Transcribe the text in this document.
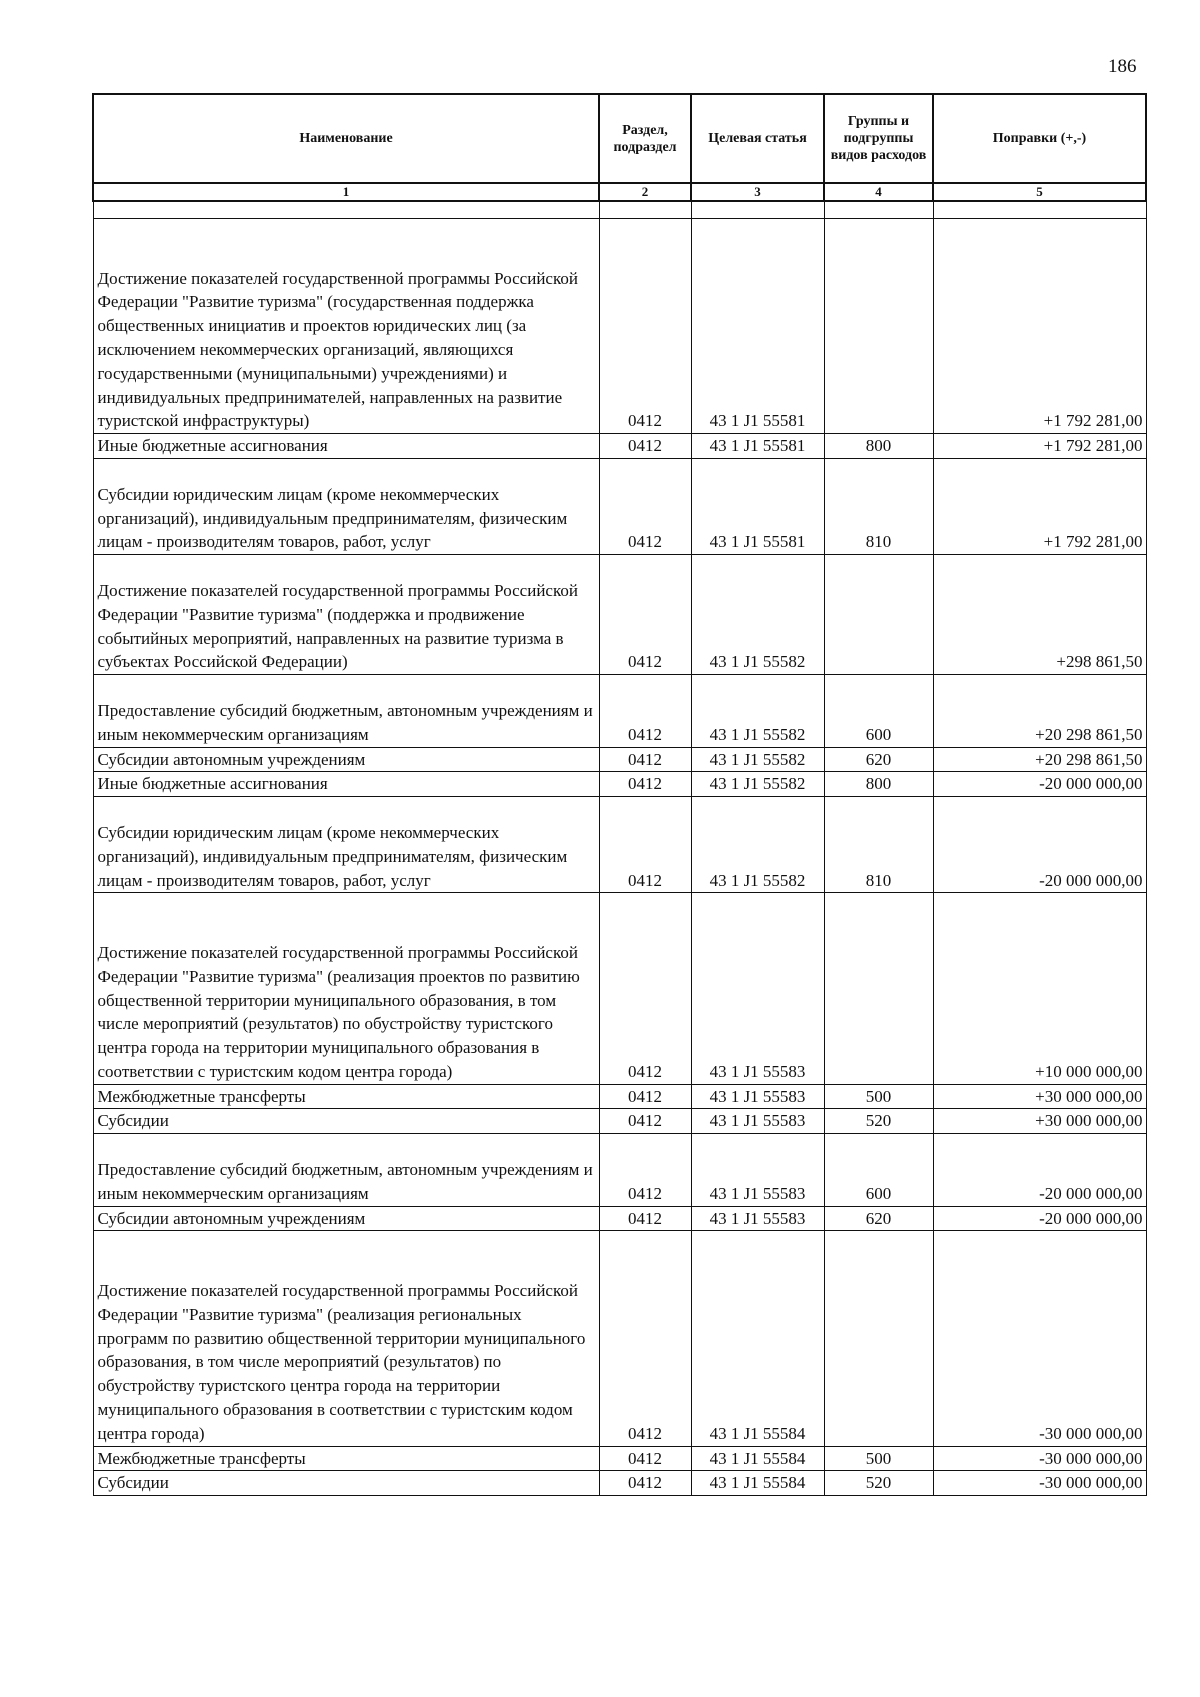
186
Наименование	Раздел, подраздел	Целевая статья	Группы и подгруппы видов расходов	Поправки (+,-)
1	2	3	4	5

Достижение показателей государственной программы Российской Федерации "Развитие туризма" (государственная поддержка общественных инициатив и проектов юридических лиц (за исключением некоммерческих организаций, являющихся государственными (муниципальными) учреждениями) и индивидуальных предпринимателей, направленных на развитие туристской инфраструктуры)	0412	43 1 J1 55581		+1 792 281,00
Иные бюджетные ассигнования	0412	43 1 J1 55581	800	+1 792 281,00
Субсидии юридическим лицам (кроме некоммерческих организаций), индивидуальным предпринимателям, физическим лицам - производителям товаров, работ, услуг	0412	43 1 J1 55581	810	+1 792 281,00
Достижение показателей государственной программы Российской Федерации "Развитие туризма" (поддержка и продвижение событийных мероприятий, направленных на развитие туризма в субъектах Российской Федерации)	0412	43 1 J1 55582		+298 861,50
Предоставление субсидий бюджетным, автономным учреждениям и иным некоммерческим организациям	0412	43 1 J1 55582	600	+20 298 861,50
Субсидии автономным учреждениям	0412	43 1 J1 55582	620	+20 298 861,50
Иные бюджетные ассигнования	0412	43 1 J1 55582	800	-20 000 000,00
Субсидии юридическим лицам (кроме некоммерческих организаций), индивидуальным предпринимателям, физическим лицам - производителям товаров, работ, услуг	0412	43 1 J1 55582	810	-20 000 000,00
Достижение показателей государственной программы Российской Федерации "Развитие туризма" (реализация проектов по развитию общественной территории муниципального образования, в том числе мероприятий (результатов) по обустройству туристского центра города на территории муниципального образования в соответствии с туристским кодом центра города)	0412	43 1 J1 55583		+10 000 000,00
Межбюджетные трансферты	0412	43 1 J1 55583	500	+30 000 000,00
Субсидии	0412	43 1 J1 55583	520	+30 000 000,00
Предоставление субсидий бюджетным, автономным учреждениям и иным некоммерческим организациям	0412	43 1 J1 55583	600	-20 000 000,00
Субсидии автономным учреждениям	0412	43 1 J1 55583	620	-20 000 000,00
Достижение показателей государственной программы Российской Федерации "Развитие туризма" (реализация региональных программ по развитию общественной территории муниципального образования, в том числе мероприятий (результатов) по обустройству туристского центра города на территории муниципального образования в соответствии с туристским кодом центра города)	0412	43 1 J1 55584		-30 000 000,00
Межбюджетные трансферты	0412	43 1 J1 55584	500	-30 000 000,00
Субсидии	0412	43 1 J1 55584	520	-30 000 000,00
